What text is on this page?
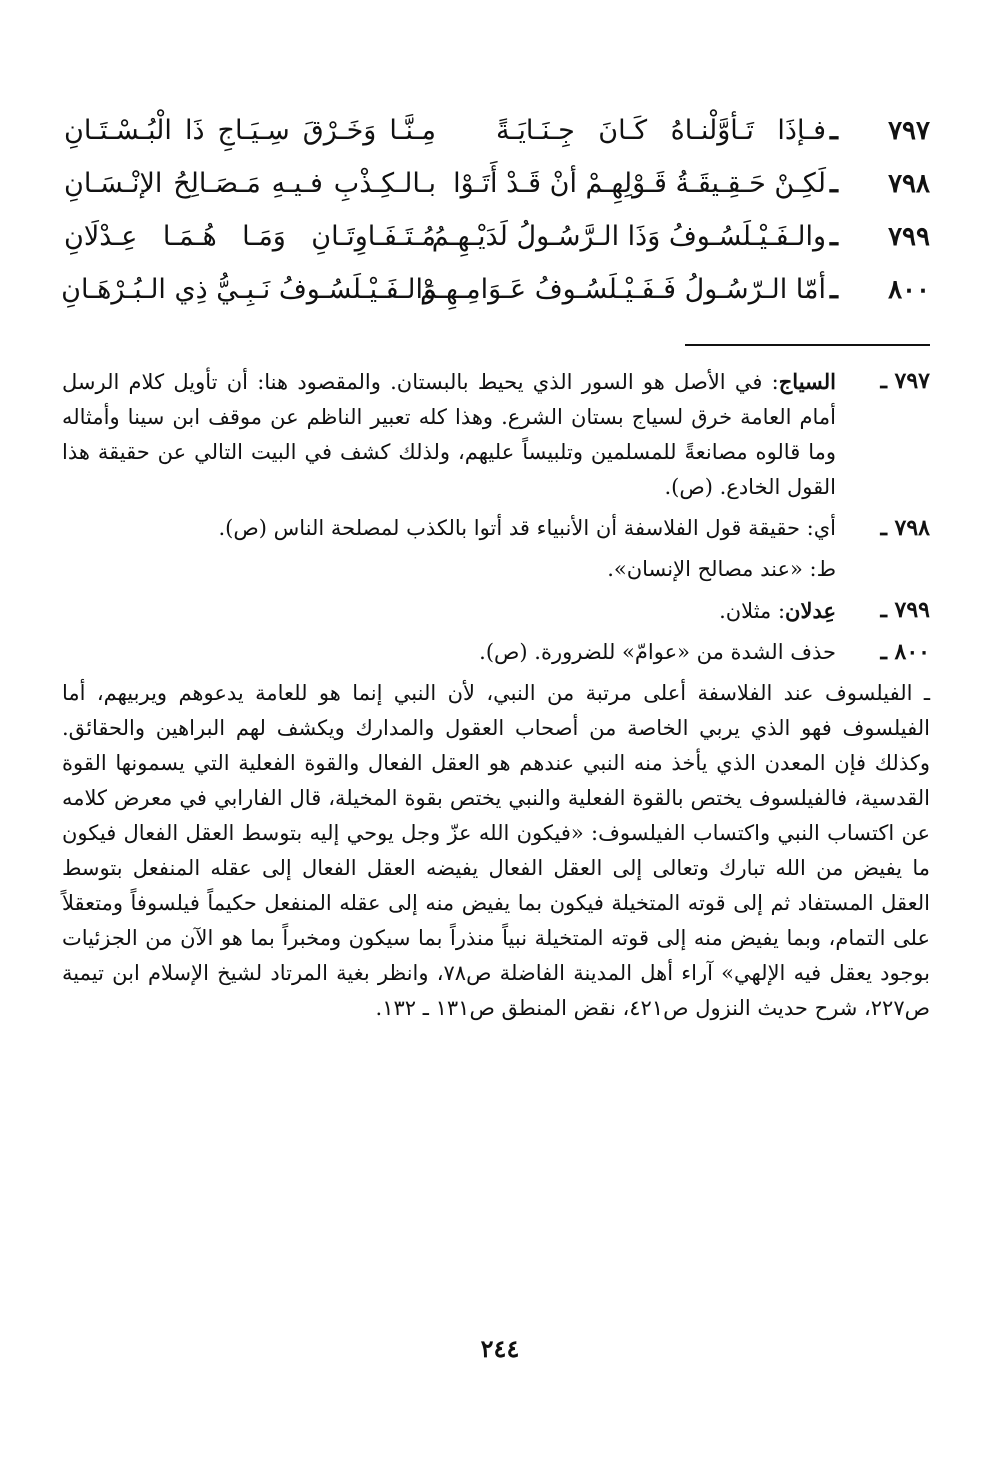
٧٩٧
ـ
فـإذَا تَـأوَّلْنـاهُ كَـانَ جِـنَـايَـةً
مِـنَّـا وَخَـرْقَ سِـيَـاجِ ذَا الْبُـسْـتَـانِ
٧٩٨
ـ
لَكِـنْ حَـقِـيقَـةُ قَـوْلِهِـمْ أنْ قَـدْ أَتَـوْا
بـالـكِـذْبِ فـيـهِ مَـصَـالِحُ الإنْـسَـانِ
٧٩٩
ـ
والـفَـيْـلَسُـوفُ وَذَا الـرَّسُـولُ لَدَيْـهِـمُ
مُـتَـفَـاوِتَـانِ وَمَـا هُـمَـا عِـدْلَانِ
٨٠٠
ـ
أمّا الـرّسُـولُ فَـفَـيْـلَسُـوفُ عَـوَامِـهِـمْ
وَالـفَـيْـلَسُـوفُ نَـبِـيُّ ذِي الـبُـرْهَـانِ
٧٩٧ ـ
السياج: في الأصل هو السور الذي يحيط بالبستان. والمقصود هنا: أن تأويل كلام الرسل أمام العامة خرق لسياج بستان الشرع. وهذا كله تعبير الناظم عن موقف ابن سينا وأمثاله وما قالوه مصانعةً للمسلمين وتلبيساً عليهم، ولذلك كشف في البيت التالي عن حقيقة هذا القول الخادع. (ص).
٧٩٨ ـ
أي: حقيقة قول الفلاسفة أن الأنبياء قد أتوا بالكذب لمصلحة الناس (ص).
ط: «عند مصالح الإنسان».
٧٩٩ ـ
عِدلان: مثلان.
٨٠٠ ـ
حذف الشدة من «عوامّ» للضرورة. (ص).
ـ الفيلسوف عند الفلاسفة أعلى مرتبة من النبي، لأن النبي إنما هو للعامة يدعوهم ويربيهم، أما الفيلسوف فهو الذي يربي الخاصة من أصحاب العقول والمدارك ويكشف لهم البراهين والحقائق. وكذلك فإن المعدن الذي يأخذ منه النبي عندهم هو العقل الفعال والقوة الفعلية التي يسمونها القوة القدسية، فالفيلسوف يختص بالقوة الفعلية والنبي يختص بقوة المخيلة، قال الفارابي في معرض كلامه عن اكتساب النبي واكتساب الفيلسوف: «فيكون الله عزّ وجل يوحي إليه بتوسط العقل الفعال فيكون ما يفيض من الله تبارك وتعالى إلى العقل الفعال يفيضه العقل الفعال إلى عقله المنفعل بتوسط العقل المستفاد ثم إلى قوته المتخيلة فيكون بما يفيض منه إلى عقله المنفعل حكيماً فيلسوفاً ومتعقلاً على التمام، وبما يفيض منه إلى قوته المتخيلة نبياً منذراً بما سيكون ومخبراً بما هو الآن من الجزئيات بوجود يعقل فيه الإلهي» آراء أهل المدينة الفاضلة ص٧٨، وانظر بغية المرتاد لشيخ الإسلام ابن تيمية ص٢٢٧، شرح حديث النزول ص٤٢١، نقض المنطق ص١٣١ ـ ١٣٢.
٢٤٤
